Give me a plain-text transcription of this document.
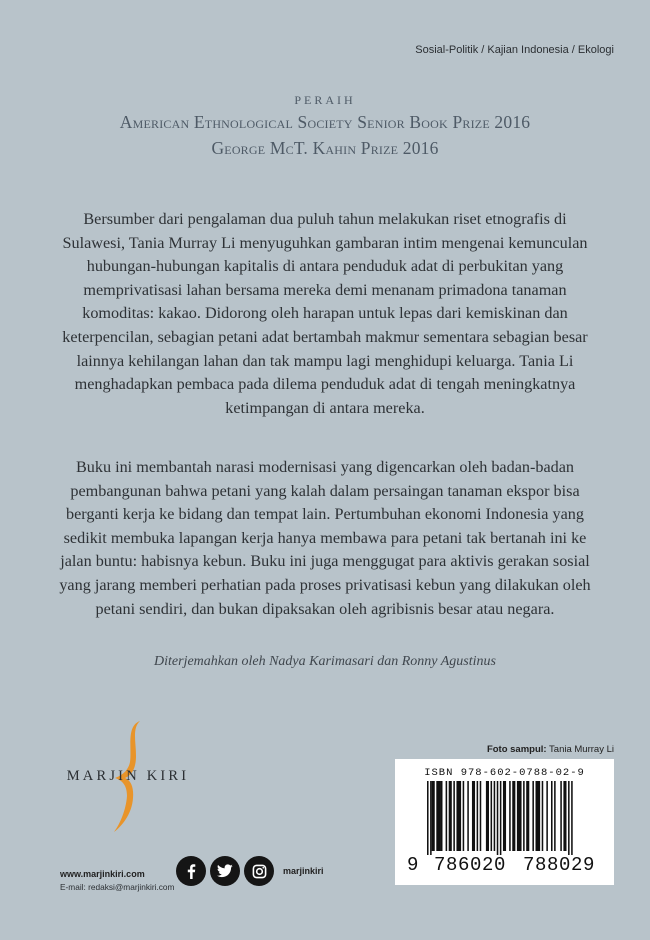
Sosial-Politik / Kajian Indonesia / Ekologi
PERAIH
American Ethnological Society Senior Book Prize 2016
George McT. Kahin Prize 2016

Bersumber dari pengalaman dua puluh tahun melakukan riset etnografis di Sulawesi, Tania Murray Li menyuguhkan gambaran intim mengenai kemunculan hubungan-hubungan kapitalis di antara penduduk adat di perbukitan yang memprivatisasi lahan bersama mereka demi menanam primadona tanaman komoditas: kakao. Didorong oleh harapan untuk lepas dari kemiskinan dan keterpencilan, sebagian petani adat bertambah makmur sementara sebagian besar lainnya kehilangan lahan dan tak mampu lagi menghidupi keluarga. Tania Li menghadapkan pembaca pada dilema penduduk adat di tengah meningkatnya ketimpangan di antara mereka.

Buku ini membantah narasi modernisasi yang digencarkan oleh badan-badan pembangunan bahwa petani yang kalah dalam persaingan tanaman ekspor bisa berganti kerja ke bidang dan tempat lain. Pertumbuhan ekonomi Indonesia yang sedikit membuka lapangan kerja hanya membawa para petani tak bertanah ini ke jalan buntu: habisnya kebun. Buku ini juga menggugat para aktivis gerakan sosial yang jarang memberi perhatian pada proses privatisasi kebun yang dilakukan oleh petani sendiri, dan bukan dipaksakan oleh agribisnis besar atau negara.

Diterjemahkan oleh Nadya Karimasari dan Ronny Agustinus
MARJIN KIRI
www.marjinkiri.com
E-mail: redaksi@marjinkiri.com
marjinkiri
Foto sampul: Tania Murray Li
ISBN 978-602-0788-02-9
9 786020 788029
